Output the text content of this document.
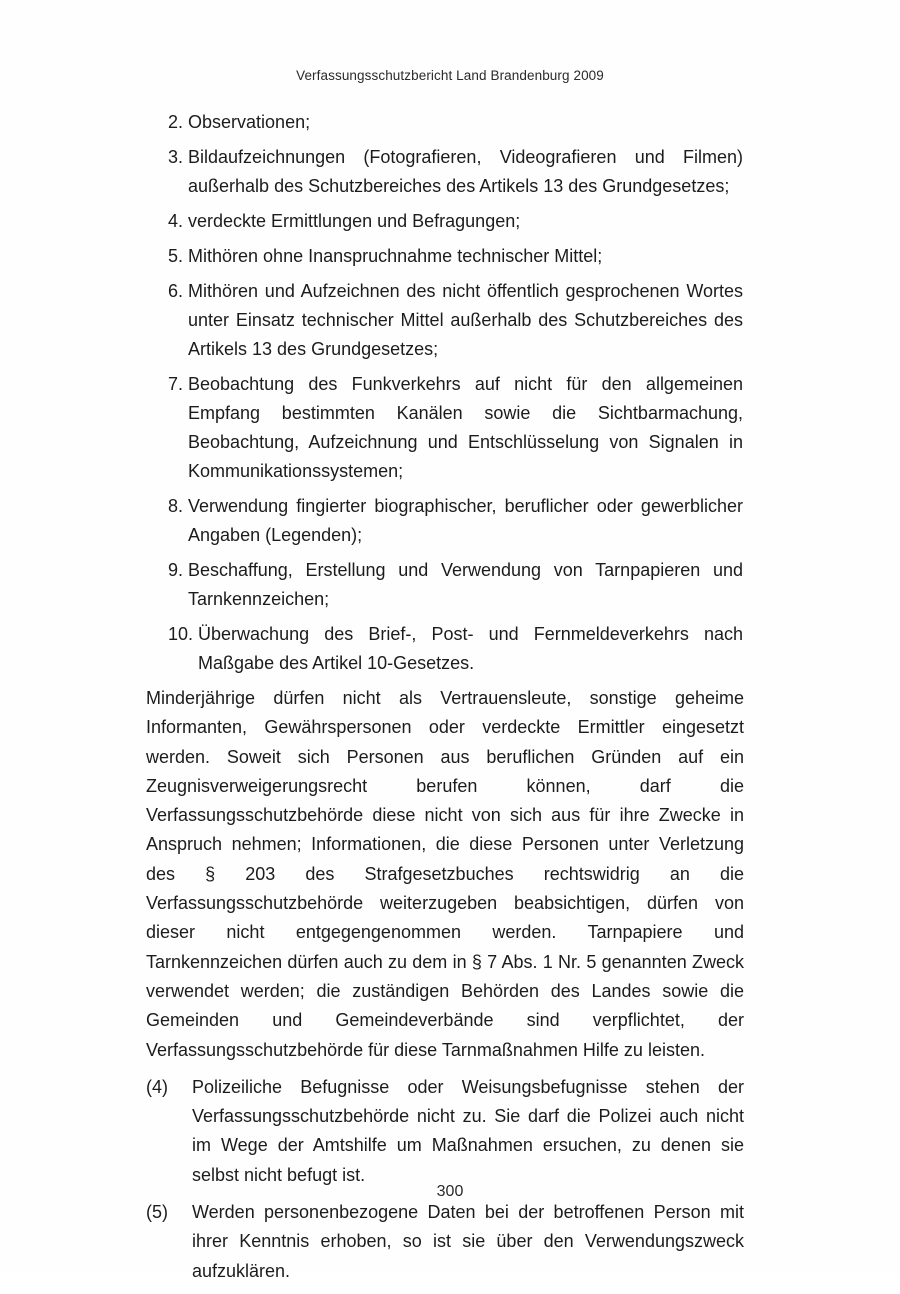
Verfassungsschutzbericht Land Brandenburg 2009
2. Observationen;
3. Bildaufzeichnungen (Fotografieren, Videografieren und Filmen) außerhalb des Schutzbereiches des Artikels 13 des Grundgesetzes;
4. verdeckte Ermittlungen und Befragungen;
5. Mithören ohne Inanspruchnahme technischer Mittel;
6. Mithören und Aufzeichnen des nicht öffentlich gesprochenen Wortes unter Einsatz technischer Mittel außerhalb des Schutzbereiches des Artikels 13 des Grundgesetzes;
7. Beobachtung des Funkverkehrs auf nicht für den allgemeinen Empfang bestimmten Kanälen sowie die Sichtbarmachung, Beobachtung, Aufzeichnung und Entschlüsselung von Signalen in Kommunikationssystemen;
8. Verwendung fingierter biographischer, beruflicher oder gewerblicher Angaben (Legenden);
9. Beschaffung, Erstellung und Verwendung von Tarnpapieren und Tarnkennzeichen;
10. Überwachung des Brief-, Post- und Fernmeldeverkehrs nach Maßgabe des Artikel 10-Gesetzes.

Minderjährige dürfen nicht als Vertrauensleute, sonstige geheime Informanten, Gewährspersonen oder verdeckte Ermittler eingesetzt werden. Soweit sich Personen aus beruflichen Gründen auf ein Zeugnisverweigerungsrecht berufen können, darf die Verfassungsschutzbehörde diese nicht von sich aus für ihre Zwecke in Anspruch nehmen; Informationen, die diese Personen unter Verletzung des § 203 des Strafgesetzbuches rechtswidrig an die Verfassungsschutzbehörde weiterzugeben beabsichtigen, dürfen von dieser nicht entgegengenommen werden. Tarnpapiere und Tarnkennzeichen dürfen auch zu dem in § 7 Abs. 1 Nr. 5 genannten Zweck verwendet werden; die zuständigen Behörden des Landes sowie die Gemeinden und Gemeindeverbände sind verpflichtet, der Verfassungsschutzbehörde für diese Tarnmaßnahmen Hilfe zu leisten.

(4)	Polizeiliche Befugnisse oder Weisungsbefugnisse stehen der Verfassungsschutzbehörde nicht zu. Sie darf die Polizei auch nicht im Wege der Amtshilfe um Maßnahmen ersuchen, zu denen sie selbst nicht befugt ist.
(5)	Werden personenbezogene Daten bei der betroffenen Person mit ihrer Kenntnis erhoben, so ist sie über den Verwendungszweck aufzuklären.
300
